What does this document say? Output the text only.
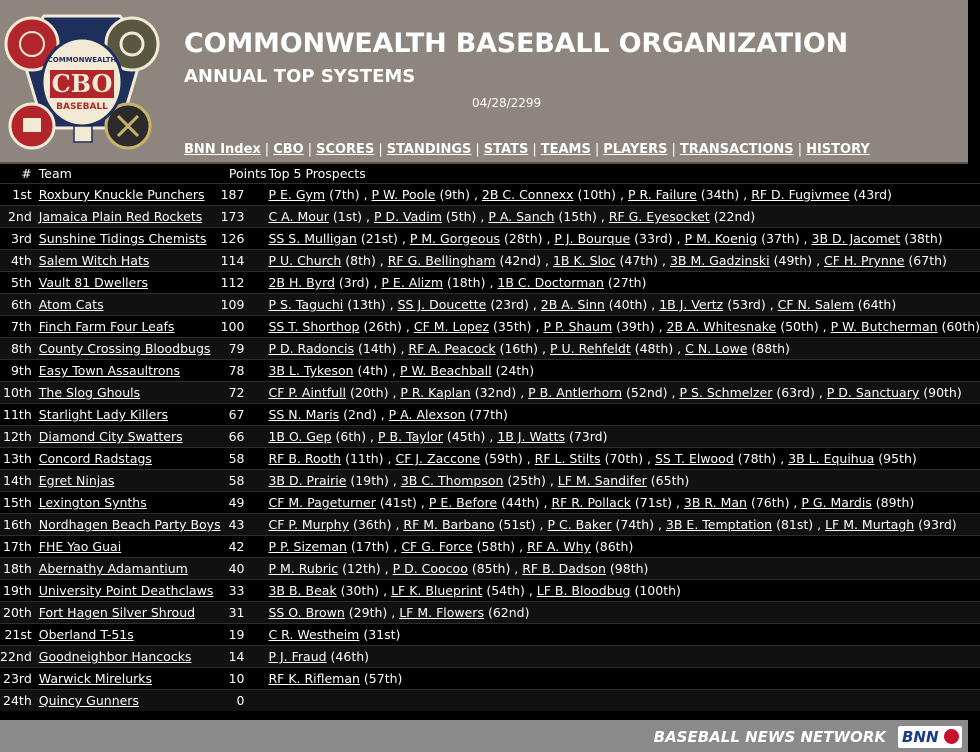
CBO
COMMONWEALTH
BASEBALL
COMMONWEALTH BASEBALL ORGANIZATION
ANNUAL TOP SYSTEMS
04/28/2299
BNN Index | CBO | SCORES | STANDINGS | STATS | TEAMS | PLAYERS | TRANSACTIONS | HISTORY
#	Team	Points	Top 5 Prospects
1st	Roxbury Knuckle Punchers	187	P E. Gym (7th) , P W. Poole (9th) , 2B C. Connexx (10th) , P R. Failure (34th) , RF D. Fugivmee (43rd)
2nd	Jamaica Plain Red Rockets	173	C A. Mour (1st) , P D. Vadim (5th) , P A. Sanch (15th) , RF G. Eyesocket (22nd)
3rd	Sunshine Tidings Chemists	126	SS S. Mulligan (21st) , P M. Gorgeous (28th) , P J. Bourque (33rd) , P M. Koenig (37th) , 3B D. Jacomet (38th)
4th	Salem Witch Hats	114	P U. Church (8th) , RF G. Bellingham (42nd) , 1B K. Sloc (47th) , 3B M. Gadzinski (49th) , CF H. Prynne (67th)
5th	Vault 81 Dwellers	112	2B H. Byrd (3rd) , P E. Alizm (18th) , 1B C. Doctorman (27th)
6th	Atom Cats	109	P S. Taguchi (13th) , SS J. Doucette (23rd) , 2B A. Sinn (40th) , 1B J. Vertz (53rd) , CF N. Salem (64th)
7th	Finch Farm Four Leafs	100	SS T. Shorthop (26th) , CF M. Lopez (35th) , P P. Shaum (39th) , 2B A. Whitesnake (50th) , P W. Butcherman (60th)
8th	County Crossing Bloodbugs	79	P D. Radoncis (14th) , RF A. Peacock (16th) , P U. Rehfeldt (48th) , C N. Lowe (88th)
9th	Easy Town Assaultrons	78	3B L. Tykeson (4th) , P W. Beachball (24th)
10th	The Slog Ghouls	72	CF P. Aintfull (20th) , P R. Kaplan (32nd) , P B. Antlerhorn (52nd) , P S. Schmelzer (63rd) , P D. Sanctuary (90th)
11th	Starlight Lady Killers	67	SS N. Maris (2nd) , P A. Alexson (77th)
12th	Diamond City Swatters	66	1B O. Gep (6th) , P B. Taylor (45th) , 1B J. Watts (73rd)
13th	Concord Radstags	58	RF B. Rooth (11th) , CF J. Zaccone (59th) , RF L. Stilts (70th) , SS T. Elwood (78th) , 3B L. Equihua (95th)
14th	Egret Ninjas	58	3B D. Prairie (19th) , 3B C. Thompson (25th) , LF M. Sandifer (65th)
15th	Lexington Synths	49	CF M. Pageturner (41st) , P E. Before (44th) , RF R. Pollack (71st) , 3B R. Man (76th) , P G. Mardis (89th)
16th	Nordhagen Beach Party Boys	43	CF P. Murphy (36th) , RF M. Barbano (51st) , P C. Baker (74th) , 3B E. Temptation (81st) , LF M. Murtagh (93rd)
17th	FHE Yao Guai	42	P P. Sizeman (17th) , CF G. Force (58th) , RF A. Why (86th)
18th	Abernathy Adamantium	40	P M. Rubric (12th) , P D. Coocoo (85th) , RF B. Dadson (98th)
19th	University Point Deathclaws	33	3B B. Beak (30th) , LF K. Blueprint (54th) , LF B. Bloodbug (100th)
20th	Fort Hagen Silver Shroud	31	SS O. Brown (29th) , LF M. Flowers (62nd)
21st	Oberland T-51s	19	C R. Westheim (31st)
22nd	Goodneighbor Hancocks	14	P J. Fraud (46th)
23rd	Warwick Mirelurks	10	RF K. Rifleman (57th)
24th	Quincy Gunners	0	
BASEBALL NEWS NETWORK BNN
